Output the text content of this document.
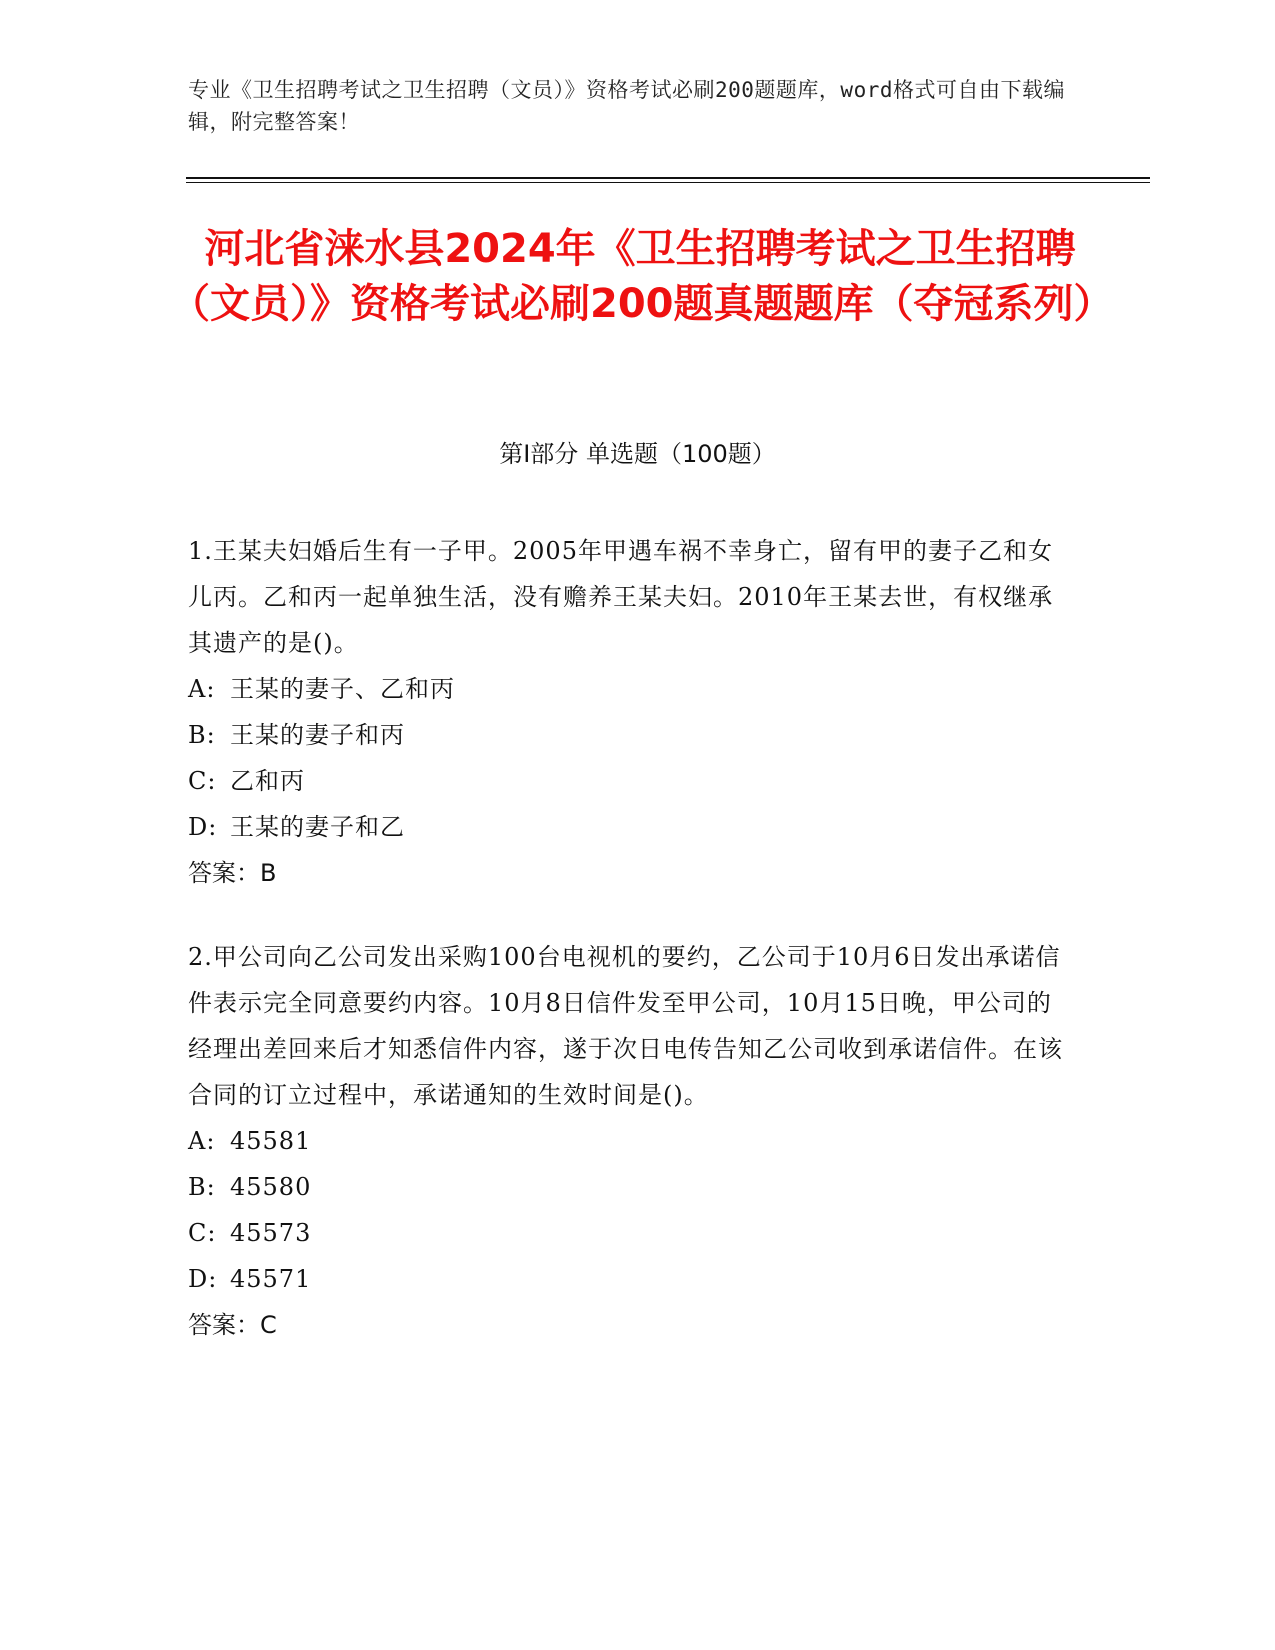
专业《卫生招聘考试之卫生招聘（文员）》资格考试必刷200题题库，word格式可自由下载编辑，附完整答案！
河北省涞水县2024年《卫生招聘考试之卫生招聘（文员）》资格考试必刷200题真题题库（夺冠系列）
第I部分 单选题（100题）

1.王某夫妇婚后生有一子甲。2005年甲遇车祸不幸身亡，留有甲的妻子乙和女儿丙。乙和丙一起单独生活，没有赡养王某夫妇。2010年王某去世，有权继承其遗产的是()。

A: 王某的妻子、乙和丙

B: 王某的妻子和丙

C: 乙和丙

D: 王某的妻子和乙

答案：B

2.甲公司向乙公司发出采购100台电视机的要约，乙公司于10月6日发出承诺信件表示完全同意要约内容。10月8日信件发至甲公司，10月15日晚，甲公司的经理出差回来后才知悉信件内容，遂于次日电传告知乙公司收到承诺信件。在该合同的订立过程中，承诺通知的生效时间是()。

A: 45581

B: 45580

C: 45573

D: 45571

答案：C
